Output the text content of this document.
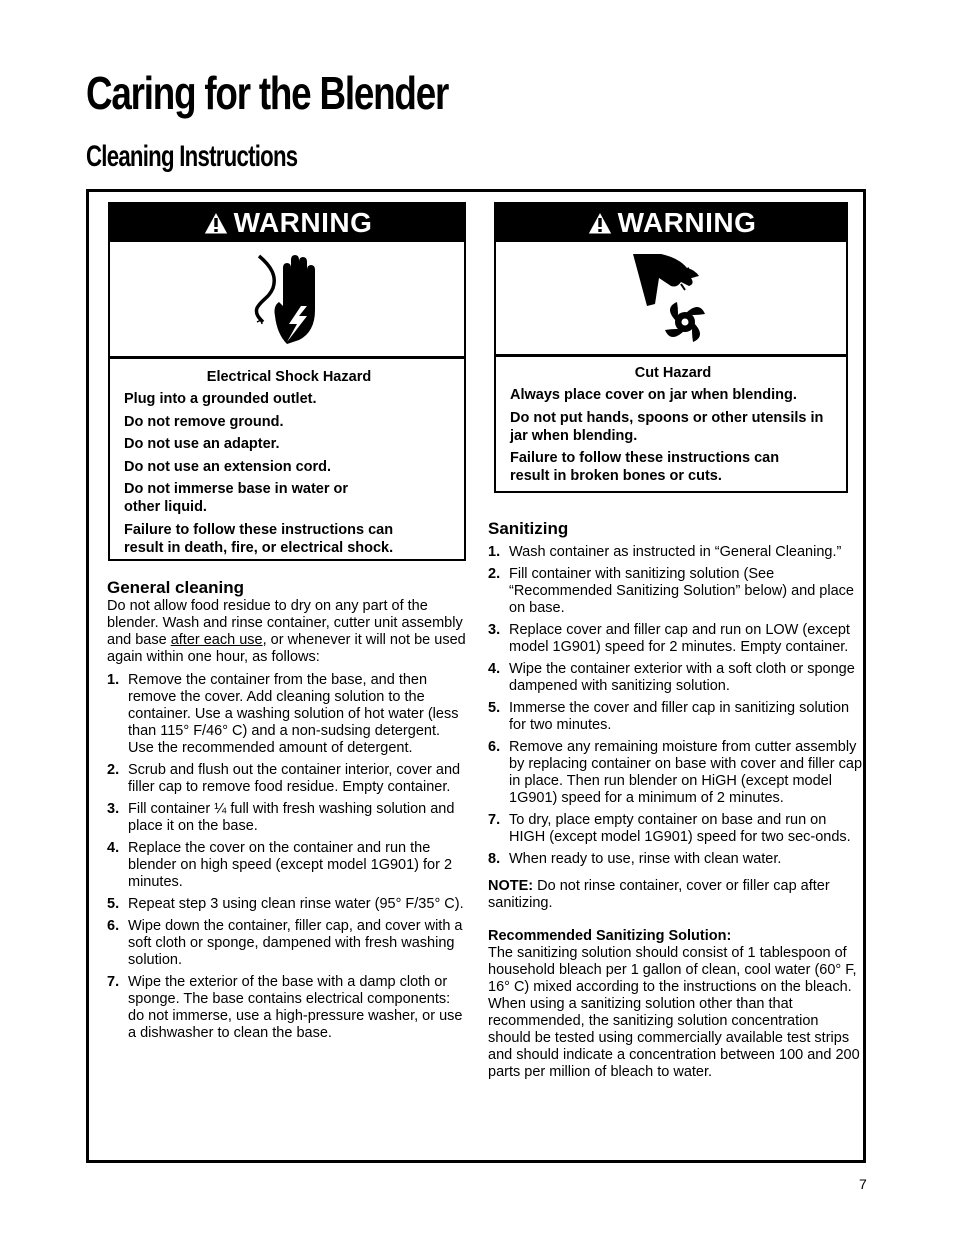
Caring for the Blender
Cleaning Instructions
WARNING
Electrical Shock Hazard

Plug into a grounded outlet.

Do not remove ground.

Do not use an adapter.

Do not use an extension cord.

Do not immerse base in water or other liquid.

Failure to follow these instructions can result in death, fire, or electrical shock.

WARNING
Cut Hazard

Always place cover on jar when blending.

Do not put hands, spoons or other utensils in jar when blending.

Failure to follow these instructions can result in broken bones or cuts.

General cleaning

Do not allow food residue to dry on any part of the blender. Wash and rinse container, cutter unit assembly and base after each use, or whenever it will not be used again within one hour, as follows:

1. Remove the container from the base, and then remove the cover. Add cleaning solution to the container. Use a washing solution of hot water (less than 115° F/46° C) and a non-sudsing detergent. Use the recommended amount of detergent.
2. Scrub and flush out the container interior, cover and filler cap to remove food residue. Empty container.
3. Fill container ¼ full with fresh washing solution and place it on the base.
4. Replace the cover on the container and run the blender on high speed (except model 1G901) for 2 minutes.
5. Repeat step 3 using clean rinse water (95° F/35° C).
6. Wipe down the container, filler cap, and cover with a soft cloth or sponge, dampened with fresh washing solution.
7. Wipe the exterior of the base with a damp cloth or sponge. The base contains electrical components: do not immerse, use a high-pressure washer, or use a dishwasher to clean the base.
Sanitizing
1. Wash container as instructed in “General Cleaning.”
2. Fill container with sanitizing solution (See “Recommended Sanitizing Solution” below) and place on base.
3. Replace cover and filler cap and run on LOW (except model 1G901) speed for 2 minutes. Empty container.
4. Wipe the container exterior with a soft cloth or sponge dampened with sanitizing solution.
5. Immerse the cover and filler cap in sanitizing solution for two minutes.
6. Remove any remaining moisture from cutter assembly by replacing container on base with cover and filler cap in place. Then run blender on HiGH (except model 1G901) speed for a minimum of 2 minutes.
7. To dry, place empty container on base and run on HIGH (except model 1G901) speed for two sec-onds.
8. When ready to use, rinse with clean water.

NOTE: Do not rinse container, cover or filler cap after sanitizing.

Recommended Sanitizing Solution:

The sanitizing solution should consist of 1 tablespoon of household bleach per 1 gallon of clean, cool water (60° F, 16° C) mixed according to the instructions on the bleach. When using a sanitizing solution other than that recommended, the sanitizing solution concentration should be tested using commercially available test strips and should indicate a concentration between 100 and 200 parts per million of bleach to water.

7
